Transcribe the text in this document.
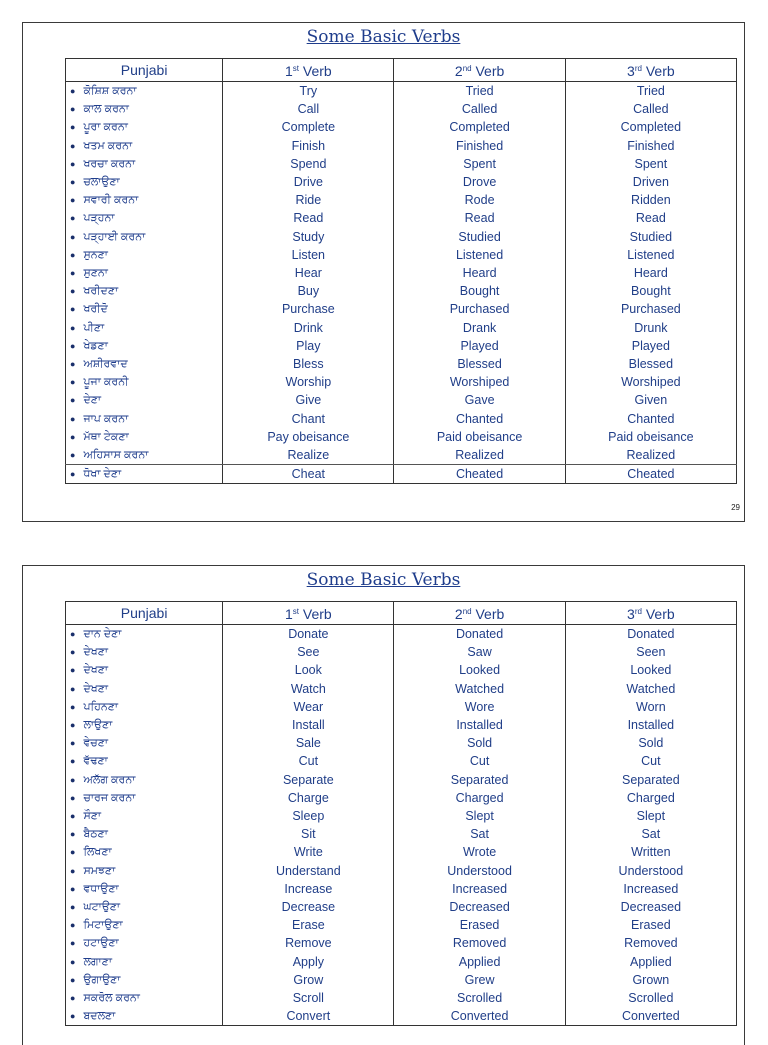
Some Basic Verbs
Punjabi	1st Verb	2nd Verb	3rd Verb
● ਕੋਸ਼ਿਸ਼ ਕਰਨਾ	Try	Tried	Tried
● ਕਾਲ ਕਰਨਾ	Call	Called	Called
● ਪੂਰਾ ਕਰਨਾ	Complete	Completed	Completed
● ਖਤਮ ਕਰਨਾ	Finish	Finished	Finished
● ਖਰਚਾ ਕਰਨਾ	Spend	Spent	Spent
● ਚਲਾਉਣਾ	Drive	Drove	Driven
● ਸਵਾਰੀ ਕਰਨਾ	Ride	Rode	Ridden
● ਪੜ੍ਹਨਾ	Read	Read	Read
● ਪੜ੍ਹਾਈ ਕਰਨਾ	Study	Studied	Studied
● ਸੁਨਣਾ	Listen	Listened	Listened
● ਸੁਣਨਾ	Hear	Heard	Heard
● ਖਰੀਦਣਾ	Buy	Bought	Bought
● ਖਰੀਦੋ	Purchase	Purchased	Purchased
● ਪੀਣਾ	Drink	Drank	Drunk
● ਖੇਡਣਾ	Play	Played	Played
● ਅਸ਼ੀਰਵਾਦ	Bless	Blessed	Blessed
● ਪੂਜਾ ਕਰਨੀ	Worship	Worshiped	Worshiped
● ਦੇਣਾ	Give	Gave	Given
● ਜਾਪ ਕਰਨਾ	Chant	Chanted	Chanted
● ਮੱਥਾ ਟੇਕਣਾ	Pay obeisance	Paid obeisance	Paid obeisance
● ਅਹਿਸਾਸ ਕਰਨਾ	Realize	Realized	Realized
● ਧੋਖਾ ਦੇਣਾ	Cheat	Cheated	Cheated
29
Some Basic Verbs
Punjabi	1st Verb	2nd Verb	3rd Verb
● ਦਾਨ ਦੇਣਾ	Donate	Donated	Donated
● ਦੇਖਣਾ	See	Saw	Seen
● ਦੇਖਣਾ	Look	Looked	Looked
● ਦੇਖਣਾ	Watch	Watched	Watched
● ਪਹਿਨਣਾ	Wear	Wore	Worn
● ਲਾਉਣਾ	Install	Installed	Installed
● ਵੇਚਣਾ	Sale	Sold	Sold
● ਵੱਢਣਾ	Cut	Cut	Cut
● ਅਲੱਗ ਕਰਨਾ	Separate	Separated	Separated
● ਚਾਰਜ ਕਰਨਾ	Charge	Charged	Charged
● ਸੌਣਾ	Sleep	Slept	Slept
● ਬੈਠਣਾ	Sit	Sat	Sat
● ਲਿਖਣਾ	Write	Wrote	Written
● ਸਮਝਣਾ	Understand	Understood	Understood
● ਵਧਾਉਣਾ	Increase	Increased	Increased
● ਘਟਾਉਣਾ	Decrease	Decreased	Decreased
● ਮਿਟਾਉਣਾ	Erase	Erased	Erased
● ਹਟਾਉਣਾ	Remove	Removed	Removed
● ਲਗਾਣਾ	Apply	Applied	Applied
● ਉਗਾਉਣਾ	Grow	Grew	Grown
● ਸਕਰੋਲ ਕਰਨਾ	Scroll	Scrolled	Scrolled
● ਬਦਲਣਾ	Convert	Converted	Converted
